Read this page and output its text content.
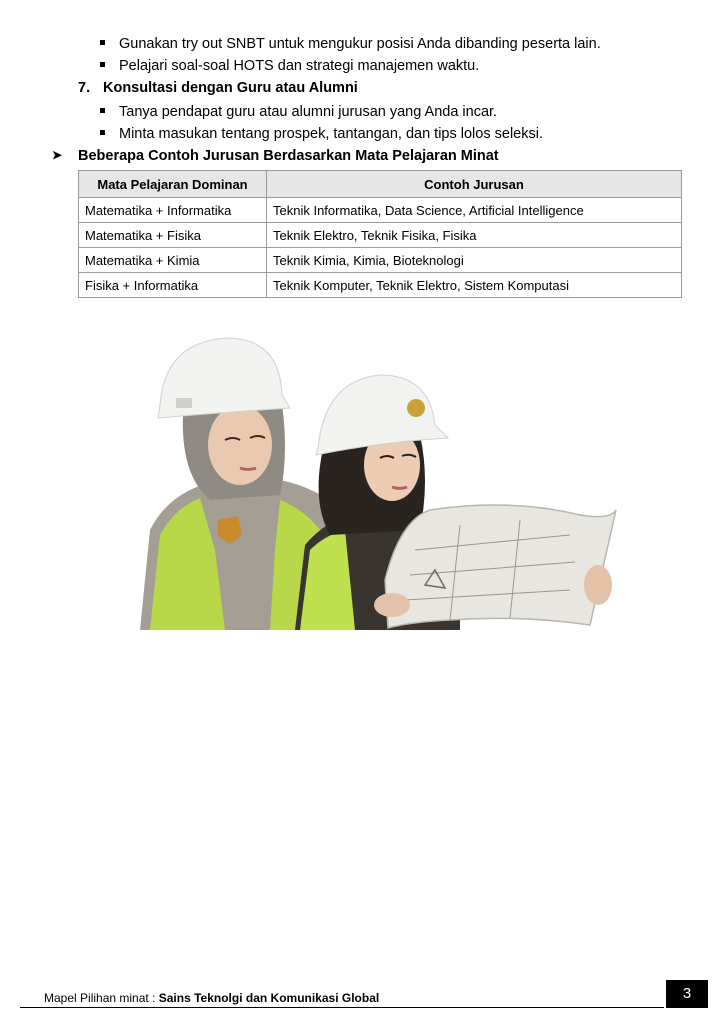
Gunakan try out SNBT untuk mengukur posisi Anda dibanding peserta lain.
Pelajari soal-soal HOTS dan strategi manajemen waktu.
7. Konsultasi dengan Guru atau Alumni
Tanya pendapat guru atau alumni jurusan yang Anda incar.
Minta masukan tentang prospek, tantangan, dan tips lolos seleksi.
➤ Beberapa Contoh Jurusan Berdasarkan Mata Pelajaran Minat
Mata Pelajaran Dominan	Contoh Jurusan
Matematika + Informatika	Teknik Informatika, Data Science, Artificial Intelligence
Matematika + Fisika	Teknik Elektro, Teknik Fisika, Fisika
Matematika + Kimia	Teknik Kimia, Kimia, Bioteknologi
Fisika + Informatika	Teknik Komputer, Teknik Elektro, Sistem Komputasi
Mapel Pilihan minat : Sains Teknolgi dan Komunikasi Global	3
